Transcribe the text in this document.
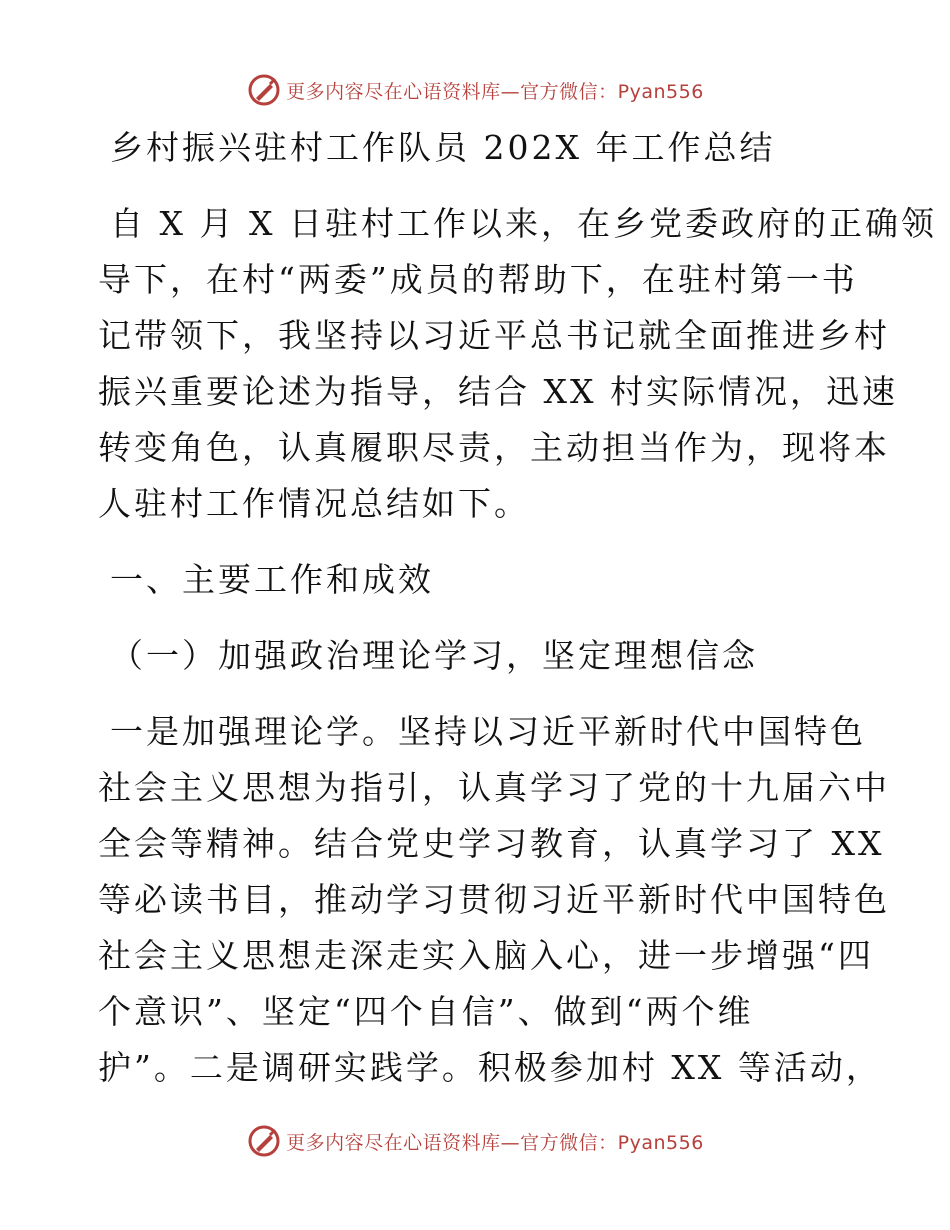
更多内容尽在心语资料库—官方微信：Pyan556
乡村振兴驻村工作队员 202X 年工作总结
自 X 月 X 日驻村工作以来，在乡党委政府的正确领
导下，在村“两委”成员的帮助下，在驻村第一书
记带领下，我坚持以习近平总书记就全面推进乡村
振兴重要论述为指导，结合 XX 村实际情况，迅速
转变角色，认真履职尽责，主动担当作为，现将本
人驻村工作情况总结如下。
一、主要工作和成效
（一）加强政治理论学习，坚定理想信念
一是加强理论学。坚持以习近平新时代中国特色
社会主义思想为指引，认真学习了党的十九届六中
全会等精神。结合党史学习教育，认真学习了 XX
等必读书目，推动学习贯彻习近平新时代中国特色
社会主义思想走深走实入脑入心，进一步增强“四
个意识”、坚定“四个自信”、做到“两个维
护”。二是调研实践学。积极参加村 XX 等活动，
更多内容尽在心语资料库—官方微信：Pyan556
